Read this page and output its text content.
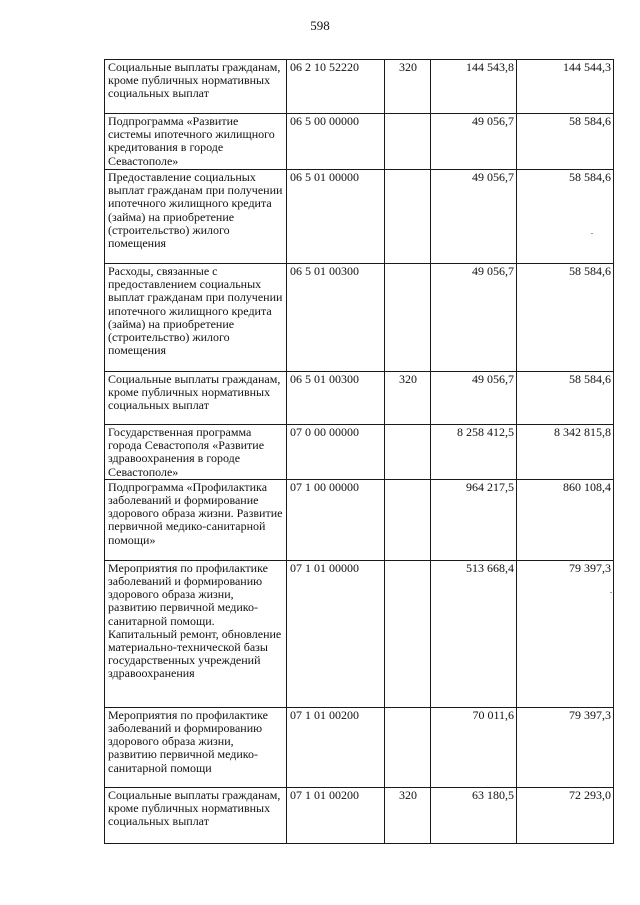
598
Социальные выплаты гражданам, кроме публичных нормативных социальных выплат	06 2 10 52220	320	144 543,8	144 544,3
Подпрограмма «Развитие системы ипотечного жилищного кредитования в городе Севастополе»	06 5 00 00000		49 056,7	58 584,6
Предоставление социальных выплат гражданам при получении ипотечного жилищного кредита (займа) на приобретение (строительство) жилого помещения	06 5 01 00000		49 056,7	58 584,6
Расходы, связанные с предоставлением социальных выплат гражданам при получении ипотечного жилищного кредита (займа) на приобретение (строительство) жилого помещения	06 5 01 00300		49 056,7	58 584,6
Социальные выплаты гражданам, кроме публичных нормативных социальных выплат	06 5 01 00300	320	49 056,7	58 584,6
Государственная программа города Севастополя «Развитие здравоохранения в городе Севастополе»	07 0 00 00000		8 258 412,5	8 342 815,8
Подпрограмма «Профилактика заболеваний и формирование здорового образа жизни. Развитие первичной медико-санитарной помощи»	07 1 00 00000		964 217,5	860 108,4
Мероприятия по профилактике заболеваний и формированию здорового образа жизни, развитию первичной медико-санитарной помощи. Капитальный ремонт, обновление материально-технической базы государственных учреждений здравоохранения	07 1 01 00000		513 668,4	79 397,3
Мероприятия по профилактике заболеваний и формированию здорового образа жизни, развитию первичной медико-санитарной помощи	07 1 01 00200		70 011,6	79 397,3
Социальные выплаты гражданам, кроме публичных нормативных социальных выплат	07 1 01 00200	320	63 180,5	72 293,0
